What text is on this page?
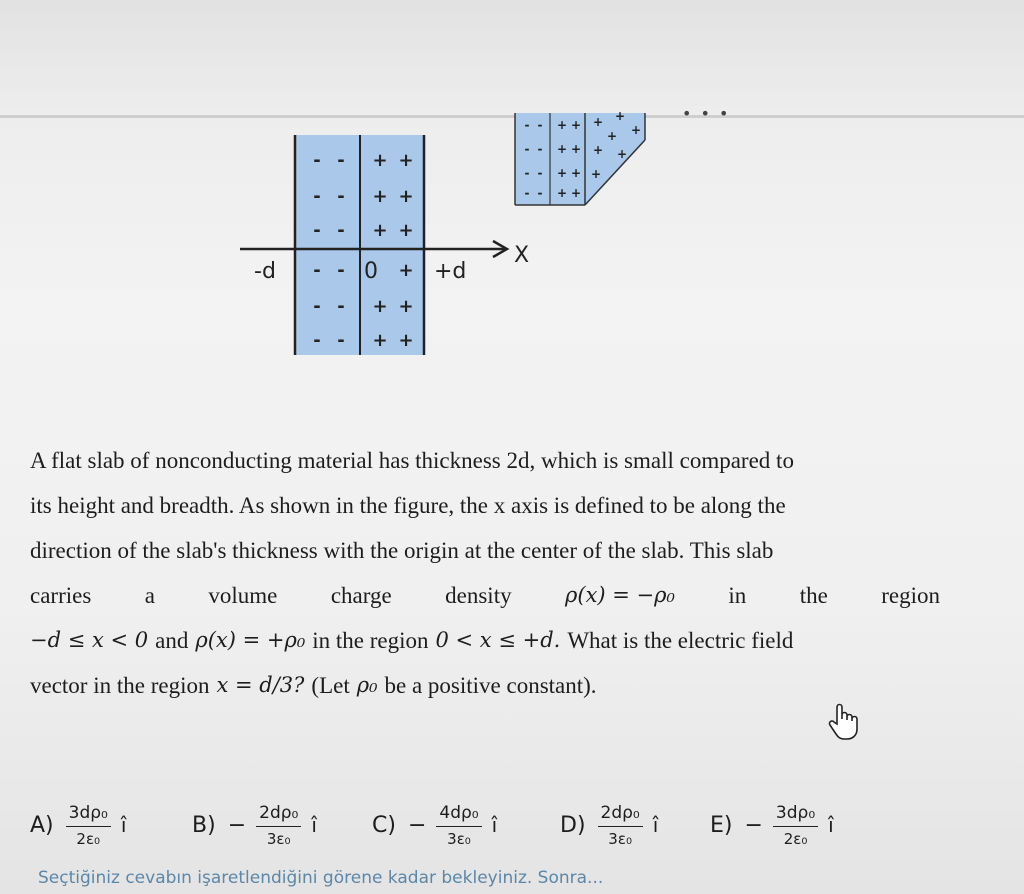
• • •
X
-d	0	+d
- - + +
- - + +
- - + +
- - + +
- - + +
- -	+
- - + +
- - + +
- - + +
- - + +
+ +
+
+
+ +
+
A flat slab of nonconducting material has thickness 2d, which is small compared to
its height and breadth. As shown in the figure, the x axis is defined to be along the
direction of the slab's thickness with the origin at the center of the slab. This slab
carries a volume charge density	ρ(x) = −ρ₀ in the region
−d ≤ x < 0 and ρ(x) = +ρ₀ in the region 0 < x ≤ +d. What is the electric field
vector in the region x = d/3? (Let ρ₀ be a positive constant).
$A) \frac{\text{3dρ₀}}{\text{2ε₀}}$ î	$B) - \frac{\text{2dρ₀}}{\text{3ε₀}}$ î	$C) - \frac{\text{4dρ₀}}{\text{3ε₀}}$ î	$D) \frac{\text{2dρ₀}}{\text{3ε₀}}$ î $E) - \frac{\text{3dρ₀}}{\text{2ε₀}}$ î
Seçtiğiniz cevabın işaretlendiğini görene kadar bekleyiniz. Sonra...
